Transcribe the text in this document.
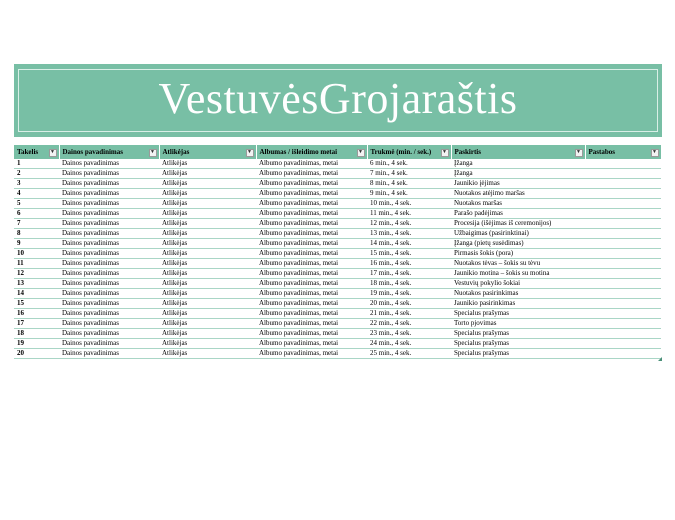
VestuvėsGrojaraštis
Takelis ▼	Dainos pavadinimas ▼	Atlikėjas ▼	Albumas / išleidimo metai ▼	Trukmė (min. / sek.) ▼	Paskirtis ▼	Pastabos ▼

1	Dainos pavadinimas	Atlikėjas	Albumo pavadinimas, metai	6 min., 4 sek.	Įžanga	
2	Dainos pavadinimas	Atlikėjas	Albumo pavadinimas, metai	7 min., 4 sek.	Įžanga	
3	Dainos pavadinimas	Atlikėjas	Albumo pavadinimas, metai	8 min., 4 sek.	Jaunikio įėjimas	
4	Dainos pavadinimas	Atlikėjas	Albumo pavadinimas, metai	9 min., 4 sek.	Nuotakos atėjimo maršas	
5	Dainos pavadinimas	Atlikėjas	Albumo pavadinimas, metai	10 min., 4 sek.	Nuotakos maršas	
6	Dainos pavadinimas	Atlikėjas	Albumo pavadinimas, metai	11 min., 4 sek.	Parašo padėjimas	
7	Dainos pavadinimas	Atlikėjas	Albumo pavadinimas, metai	12 min., 4 sek.	Procesija (išėjimas iš ceremonijos)	
8	Dainos pavadinimas	Atlikėjas	Albumo pavadinimas, metai	13 min., 4 sek.	Užbaigimas (pasirinktinai)	
9	Dainos pavadinimas	Atlikėjas	Albumo pavadinimas, metai	14 min., 4 sek.	Įžanga (pietų susėdimas)	
10	Dainos pavadinimas	Atlikėjas	Albumo pavadinimas, metai	15 min., 4 sek.	Pirmasis šokis (pora)	
11	Dainos pavadinimas	Atlikėjas	Albumo pavadinimas, metai	16 min., 4 sek.	Nuotakos tėvas – šokis su tėvu	
12	Dainos pavadinimas	Atlikėjas	Albumo pavadinimas, metai	17 min., 4 sek.	Jaunikio motina – šokis su motina	
13	Dainos pavadinimas	Atlikėjas	Albumo pavadinimas, metai	18 min., 4 sek.	Vestuvių pokylio šokiai	
14	Dainos pavadinimas	Atlikėjas	Albumo pavadinimas, metai	19 min., 4 sek.	Nuotakos pasirinkimas	
15	Dainos pavadinimas	Atlikėjas	Albumo pavadinimas, metai	20 min., 4 sek.	Jaunikio pasirinkimas	
16	Dainos pavadinimas	Atlikėjas	Albumo pavadinimas, metai	21 min., 4 sek.	Specialus prašymas	
17	Dainos pavadinimas	Atlikėjas	Albumo pavadinimas, metai	22 min., 4 sek.	Torto pjovimas	
18	Dainos pavadinimas	Atlikėjas	Albumo pavadinimas, metai	23 min., 4 sek.	Specialus prašymas	
19	Dainos pavadinimas	Atlikėjas	Albumo pavadinimas, metai	24 min., 4 sek.	Specialus prašymas	
20	Dainos pavadinimas	Atlikėjas	Albumo pavadinimas, metai	25 min., 4 sek.	Specialus prašymas	
